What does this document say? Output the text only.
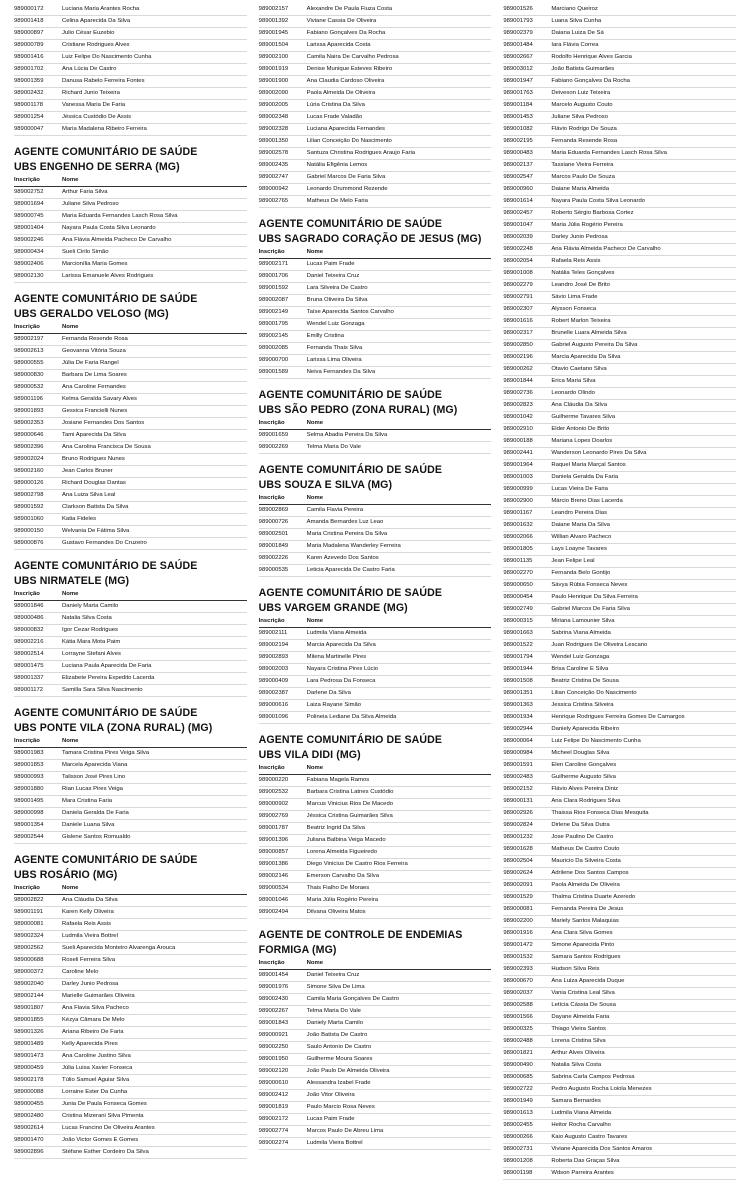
989000172	Luciana Maria Arantes Rocha
989001418	Celina Aparecida Da Silva
989000897	Julio César Euzebio
989000789	Cristiane Rodrigues Alves
989001416	Luiz Felipe Do Nascimento Cunha
989001702	Ana Lúcia De Castro
989001359	Danusa Rabelo Ferreira Fontes
989002432	Richard Junio Teixeira
989001178	Vanessa Maria De Faria
989001254	Jéssica Custódio De Assis
989000047	Maria Madalena Ribeiro Ferreira
AGENTE COMUNITÁRIO DE SAÚDE
UBS ENGENHO DE SERRA (MG)
Inscrição	Nome
989002752	Arthur Faria Silva
989001694	Juliane Silva Pedroso
989000745	Maria Eduarda Fernandes Lasch Rosa Silva
989001404	Nayara Paula Costa Silva Leonardo
989002246	Ana Flávia Almeida Pacheco De Carvalho
989000434	Sueli Cirilo Simão
989002406	Marcionília Maria Gomes
989002130	Larissa Emanuele Alves Rodrigues
AGENTE COMUNITÁRIO DE SAÚDE
UBS GERALDO VELOSO (MG)
Inscrição	Nome
989002197	Fernanda Resende Rosa
989002613	Geovanna Vitória Souza
989000555	Júlia De Faria Rangel
989000830	Barbara De Lima Soares
989000532	Ana Caroline Fernandes
989001196	Kelma Geralda Savary Alves
989001893	Gessica Francielli Nunes
989002353	Josiane Fernandes Dos Santos
989000646	Tami Aparecida Da Silva
989002396	Ana Carolina Francisca De Sousa
989002024	Bruno Rodrigues Nunes
989002160	Jean Carlos Bruner
989000126	Richard Douglas Dantas
989002798	Ana Luiza Silva Leal
989001592	Clarkson Batista Da Silva
989001060	Katia Fideles
989000150	Welvania De Fátima Silva
989000876	Gustavo Fernandes Do Cruzeiro
AGENTE COMUNITÁRIO DE SAÚDE
UBS NIRMATELE (MG)
Inscrição	Nome
989001846	Daniely Marta Camilo
989000486	Natalia Silva Costa
989000832	Igor Cezar Rodrigues
989002216	Kátia Mara Mota Paim
989002514	Lorrayne Stefani Alves
989001475	Luciana Paula Aparecida De Faria
989001337	Elizabete Pereira Expedito Lacerda
989001172	Samilla Sara Silva Nascimento
AGENTE COMUNITÁRIO DE SAÚDE
UBS PONTE VILA (ZONA RURAL) (MG)
Inscrição	Nome
989001983	Tamara Cristina Pires Veiga Silva
989001853	Marcela Aparecida Viana
989000993	Talisson José Pires Lino
989001880	Rian Lucas Pires Veiga
989001495	Mara Cristina Faria
989000998	Daniela Geralda De Faria
989001354	Daniele Luana Silva
989002544	Gislene Santos Romualdo
AGENTE COMUNITÁRIO DE SAÚDE
UBS ROSÁRIO (MG)
Inscrição	Nome
989002822	Ana Cláudia Da Silva
989001191	Karen Kelly Oliveira
989000081	Rafaela Reis Assis
989002324	Ludmila Vieira Bottrel
989002562	Sueli Aparecida Monteiro Alvarenga Arouca
989000688	Roseli Ferreira Silva
989000372	Caroline Melo
989002040	Darley Junio Pedrosa
989002144	Marielle Guimarães Oliveira
989001807	Ana Flavia Silva Pacheco
989001855	Kézya Câmara De Melo
989001326	Ariana Ribeiro De Faria
989001489	Kelly Aparecida Pires
989001473	Ana Caroline Justino Silva
989000459	Júlia Luisa Xavier Fonseca
989002178	Túlio Samuel Aguiar Silva
989000088	Lorraine Ester Da Cunha
989000455	Junia De Paula Fonseca Gomes
989002480	Cristina Mizerani Silva Pimenta
989002614	Lucas Francino De Oliveira Arantes
989001470	João Victor Gomes E Gomes
989002896	Stéfane Esther Cordeiro Da Silva
989002157	Alexandre De Paula Fiuza Costa
989001392	Viviane Cassia De Oliveira
989001945	Fabiano Gonçalves Da Rocha
989001504	Larissa Aparecida Costa
989002100	Camila Naira De Carvalho Pedrosa
989001919	Denise Munique Esteves Ribeiro
989001900	Ana Claudia Cardoso Oliveira
989002090	Paola Almeida De Oliveira
989002005	Lúria Cristina Da Silva
989002348	Lucas Frade Valadão
989002328	Luciana Aparecida Fernandes
989001350	Lilian Conceição Do Nascimento
989002578	Santuza Christina Rodrigues Araujo Faria
989002435	Natália Efigênia Lemos
989002747	Gabriel Marcos De Faria Silva
989000942	Leonardo Drummond Rezende
989002765	Matheus De Melo Faria
AGENTE COMUNITÁRIO DE SAÚDE
UBS SAGRADO CORAÇÃO DE JESUS (MG)
Inscrição	Nome
989002171	Lucas Paim Frade
989001706	Daniel Teixeira Cruz
989001592	Lara Silveira De Castro
989002087	Bruna Oliveira Da Silva
989002149	Taíse Aparecida Santos Carvalho
989001795	Wendel Luiz Gonzaga
989002145	Emilly Cristina
989002085	Fernanda Thais Silva
989000700	Larissa Lima Oliveira
989001589	Neiva Fernandes Da Silva
AGENTE COMUNITÁRIO DE SAÚDE
UBS SÃO PEDRO (ZONA RURAL) (MG)
Inscrição	Nome
989001659	Selma Abadia Pereira Da Silva
989002269	Telma Maria Do Vale
AGENTE COMUNITÁRIO DE SAÚDE
UBS SOUZA E SILVA (MG)
Inscrição	Nome
989002869	Camila Flavia Pereira
989000726	Amanda Bernardes Luz Leao
989002501	Maria Cristina Pereira Da Silva
989001849	Maria Madalena Wanderley Ferreira
989002226	Karen Azevedo Dos Santos
989000535	Leticia Aparecida De Castro Faria
AGENTE COMUNITÁRIO DE SAÚDE
UBS VARGEM GRANDE (MG)
Inscrição	Nome
989002111	Ludmila Viana Almeida
989002194	Marcia Aparecida Da Silva
989002893	Milena Martinelle Pires
989002003	Nayara Cristina Pires Lúcio
989000409	Lara Pedrosa Da Fonseca
989002387	Darlene Da Silva
989000616	Laiza Rayane Simão
989001096	Polineia Lediane Da Silva Almeida
AGENTE COMUNITÁRIO DE SAÚDE
UBS VILA DIDI (MG)
Inscrição	Nome
989000220	Fabiana Magela Ramos
989002532	Barbara Cristina Latnes Custódio
989000902	Marcus Vinicius Rios De Macedo
989002769	Jéssica Cristina Guimarães Silva
989001787	Beatriz Ingrid Da Silva
989001396	Juliana Balbina Veiga Macedo
989000857	Lorena Almeida Figueiredo
989001386	Diego Vinicius De Castro Rios Ferreira
989002146	Emerson Carvalho Da Silva
989000534	Thais Fialho De Moraes
989001046	Maria Júlia Rogério Pereira
989002494	Dilvana Oliveira Matos
AGENTE DE CONTROLE DE ENDEMIAS
FORMIGA (MG)
Inscrição	Nome
989001454	Daniel Teixeira Cruz
989001976	Simone Silva De Lima
989002430	Camila Maria Gonçalves De Castro
989002267	Telma Maria Do Vale
989001843	Daniely Marta Camilo
989000921	João Batista De Castro
989002250	Saulo Antonio De Castro
989001950	Guilherme Moura Soares
989002120	João Paulo De Almeida Oliveira
989000610	Alessandra Izabel Frade
989002412	João Vitor Oliveira
989001819	Paulo Marcio Rosa Neves
989002172	Lucas Paim Frade
989002774	Marcos Paulo De Abreu Lima
989002274	Ludmila Vieira Bottrel
989001526	Marciano Queiroz
989001793	Luana Silva Cunha
989002379	Daiana Luiza De Sá
989001484	Iara Flávia Correa
989002667	Rodolfo Henrique Alves Garcia
989003012	João Batista Guimarães
989001947	Fabiano Gonçalves Da Rocha
989001763	Deiveson Luiz Teixeira
989001184	Marcelo Augusto Couto
989001453	Juliane Silva Pedroso
989001082	Flávio Rodrigo De Souza
989002195	Fernanda Resende Rosa
989000483	Maria Eduarda Fernandes Lasch Rosa Silva
989002137	Tassiane Vieira Ferreira
989002547	Marcos Paulo De Souza
989000960	Daiane Maria Almeida
989001614	Nayara Paula Costa Silva Leonardo
989002457	Roberto Sérgio Barbosa Cortez
989001047	Maria Júlia Rogério Pereira
989002039	Darley Junio Pedrosa
989002248	Ana Flávia Almeida Pacheco De Carvalho
989002054	Rafaela Reis Assis
989001008	Natália Teles Gonçalves
989002279	Leandro José De Brito
989002791	Sávio Lima Frade
989002307	Alysson Fonseca
989001616	Robert Marlon Teixeira
989002317	Brunelle Luara Almeida Silva
989002850	Gabriel Augusto Pereira Da Silva
989002196	Marcia Aparecida Da Silva
989000262	Otavio Caetano Silva
989001844	Erica Maria Silva
989002736	Leonardo Olindo
989002823	Ana Cláudia Da Silva
989001042	Guilherme Tavares Silva
989002910	Elder Antonio De Brito
989000188	Mariana Lopes Doarlos
989002441	Wanderson Leonardo Pires Da Silva
989001964	Raquel Maria Marçal Santos
989001003	Daniela Geralda Da Faria
989000999	Lucas Vieira De Faria
989002900	Márcio Breno Dias Lacerda
989001167	Leandro Pereira Dias
989001632	Daiane Maria Da Silva
989002066	Willian Alvaro Pacheco
989001805	Lays Loayne Tavares
989001135	Jean Felipe Leal
989002270	Fernanda Belo Gontijo
989000650	Sávya Rúbia Fonseca Neves
989000454	Paulo Henrique Da Silva Ferreira
989002749	Gabriel Marcos De Faria Silva
989000315	Miriana Lamounier Silva
989001663	Sabrina Viana Almeida
989001522	Juan Rodrigues De Oliveira Lescano
989001794	Wendel Luiz Gonzaga
989001944	Brisa Caroline E Silva
989001508	Beatriz Cristina De Sousa
989001351	Lilian Conceição Do Nascimento
989001363	Jessica Cristina Silveira
989001934	Henrique Rodrigues Ferreira Gomes De Camargos
989002944	Daniely Aparecida Ribeiro
989000064	Luiz Felipe Do Nascimento Cunha
989000984	Micheel Douglas Silva
989001591	Elen Caroline Gonçalves
989002483	Guilherme Augusto Silva
989002152	Flávio Alves Pereira Diniz
989000131	Ana Clara Rodrigues Silva
989002926	Thaissa Rios Fonseca Dias Mesquita
989002824	Dirlene Da Silva Dutra
989001232	Jose Paulino De Castro
989001628	Matheus De Castro Couto
989002504	Mauricio Da Silveira Costa
989002624	Adrilene Dos Santos Campos
989002091	Paola Almeida De Oliveira
989001529	Thalma Cristina Duarte Azeredo
989000081	Fernanda Pereira De Jesus
989002200	Mariely Santos Malaquias
989001916	Ana Clara Silva Gomes
989001472	Simone Aparecida Pinto
989001532	Samara Santos Rodrigues
989002393	Hudson Silva Reis
989000670	Ana Luiza Aparecida Duque
989002037	Vania Cristina Leal Silva
989002588	Letícia Cássia De Sousa
989001566	Dayane Almeida Faria
989000325	Thiago Vieira Santos
989002488	Lorena Cristina Silva
989001821	Arthur Alves Oliveira
989000490	Natalia Silva Costa
989000685	Sabrina Carla Campos Pedrosa
989002722	Pedro Augusto Rocha Loiola Menezes
989001949	Samara Bernardes
989001613	Ludmila Viana Almeida
989002455	Heitor Rocha Carvalho
989000266	Kaio Augusto Castro Tavares
989002731	Viviane Aparecida Dos Santos Amaros
989001208	Roberta Das Graças Silva
989001198	Wdson Parreira Arantes
